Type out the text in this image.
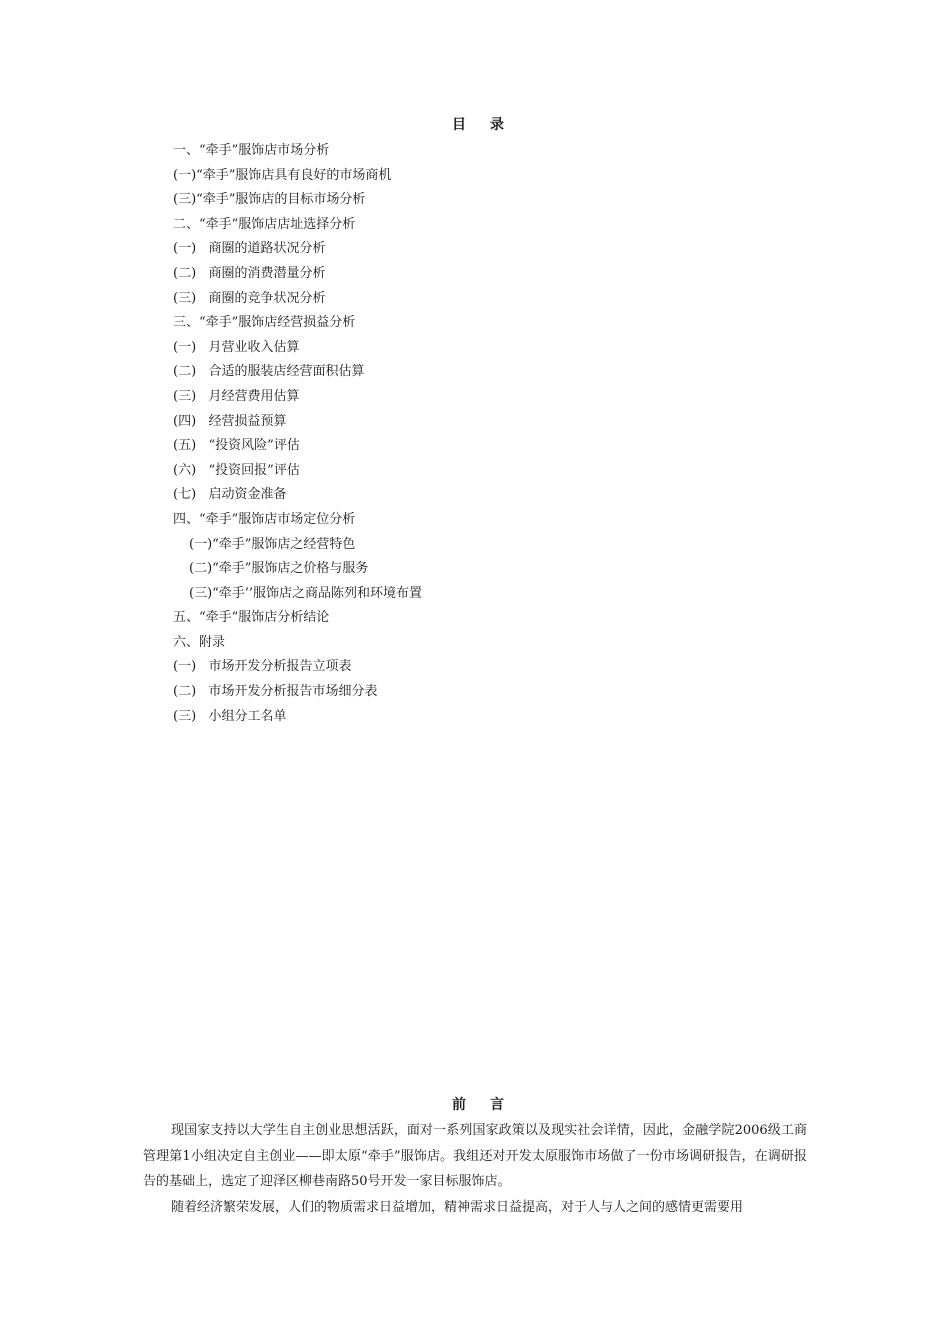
目录
一、“牵手”服饰店市场分析
(一)“牵手”服饰店具有良好的市场商机
(三)“牵手”服饰店的目标市场分析
二、“牵手”服饰店店址选择分析
(一)   商圈的道路状况分析
(二)   商圈的消费潜量分析
(三)   商圈的竞争状况分析
三、“牵手”服饰店经营损益分析
(一)   月营业收入估算
(二)   合适的服装店经营面积估算
(三)   月经营费用估算
(四)   经营损益预算
(五)   “投资风险”评估
(六)   “投资回报”评估
(七)   启动资金准备
四、“牵手”服饰店市场定位分析
(一)“牵手”服饰店之经营特色
(二)“牵手”服饰店之价格与服务
(三)“牵手’’服饰店之商品陈列和环境布置
五、“牵手”服饰店分析结论
六、附录
(一)   市场开发分析报告立项表
(二)   市场开发分析报告市场细分表
(三)   小组分工名单
前言
现国家支持以大学生自主创业思想活跃，面对一系列国家政策以及现实社会详情，因此，金融学院2006级工商管理第1小组决定自主创业——即太原“牵手”服饰店。我组还对开发太原服饰市场做了一份市场调研报告，在调研报告的基础上，选定了迎泽区柳巷南路50号开发一家目标服饰店。
随着经济繁荣发展，人们的物质需求日益增加，精神需求日益提高，对于人与人之间的感情更需要用
